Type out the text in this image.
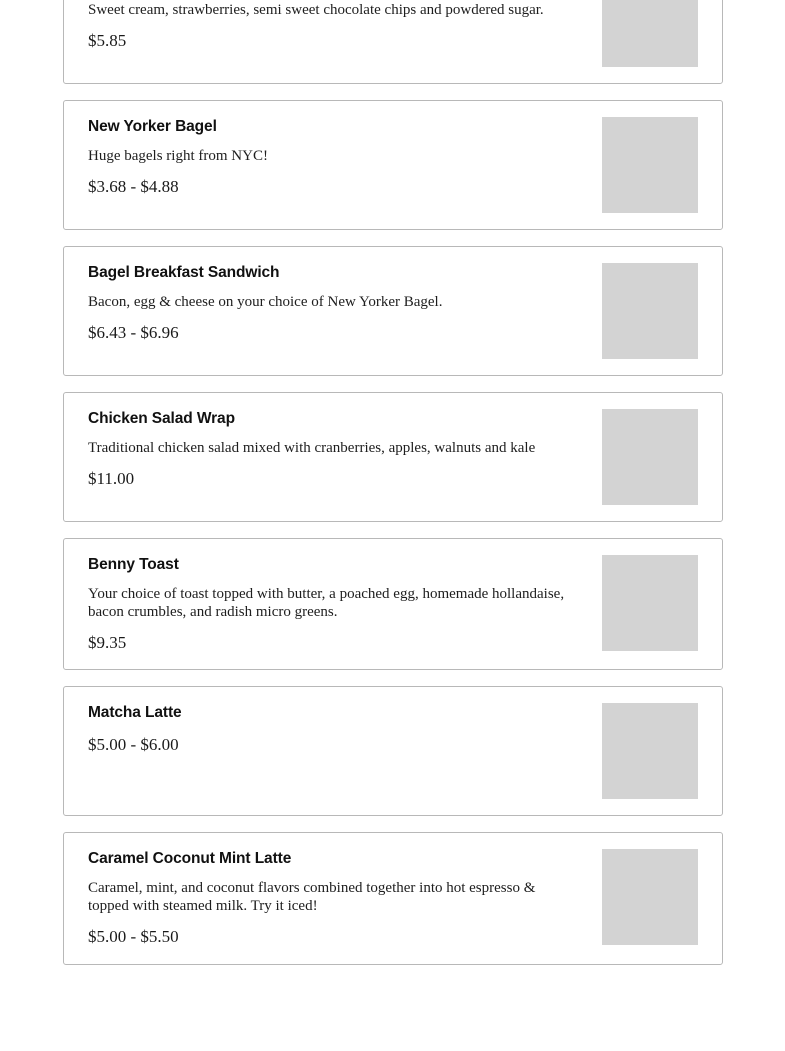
Sweet cream, strawberries, semi sweet chocolate chips and powdered sugar.
$5.85
New Yorker Bagel
Huge bagels right from NYC!
$3.68 - $4.88
Bagel Breakfast Sandwich
Bacon, egg & cheese on your choice of New Yorker Bagel.
$6.43 - $6.96
Chicken Salad Wrap
Traditional chicken salad mixed with cranberries, apples, walnuts and kale
$11.00
Benny Toast
Your choice of toast topped with butter, a poached egg, homemade hollandaise, bacon crumbles, and radish micro greens.
$9.35
Matcha Latte
$5.00 - $6.00
Caramel Coconut Mint Latte
Caramel, mint, and coconut flavors combined together into hot espresso & topped with steamed milk. Try it iced!
$5.00 - $5.50
